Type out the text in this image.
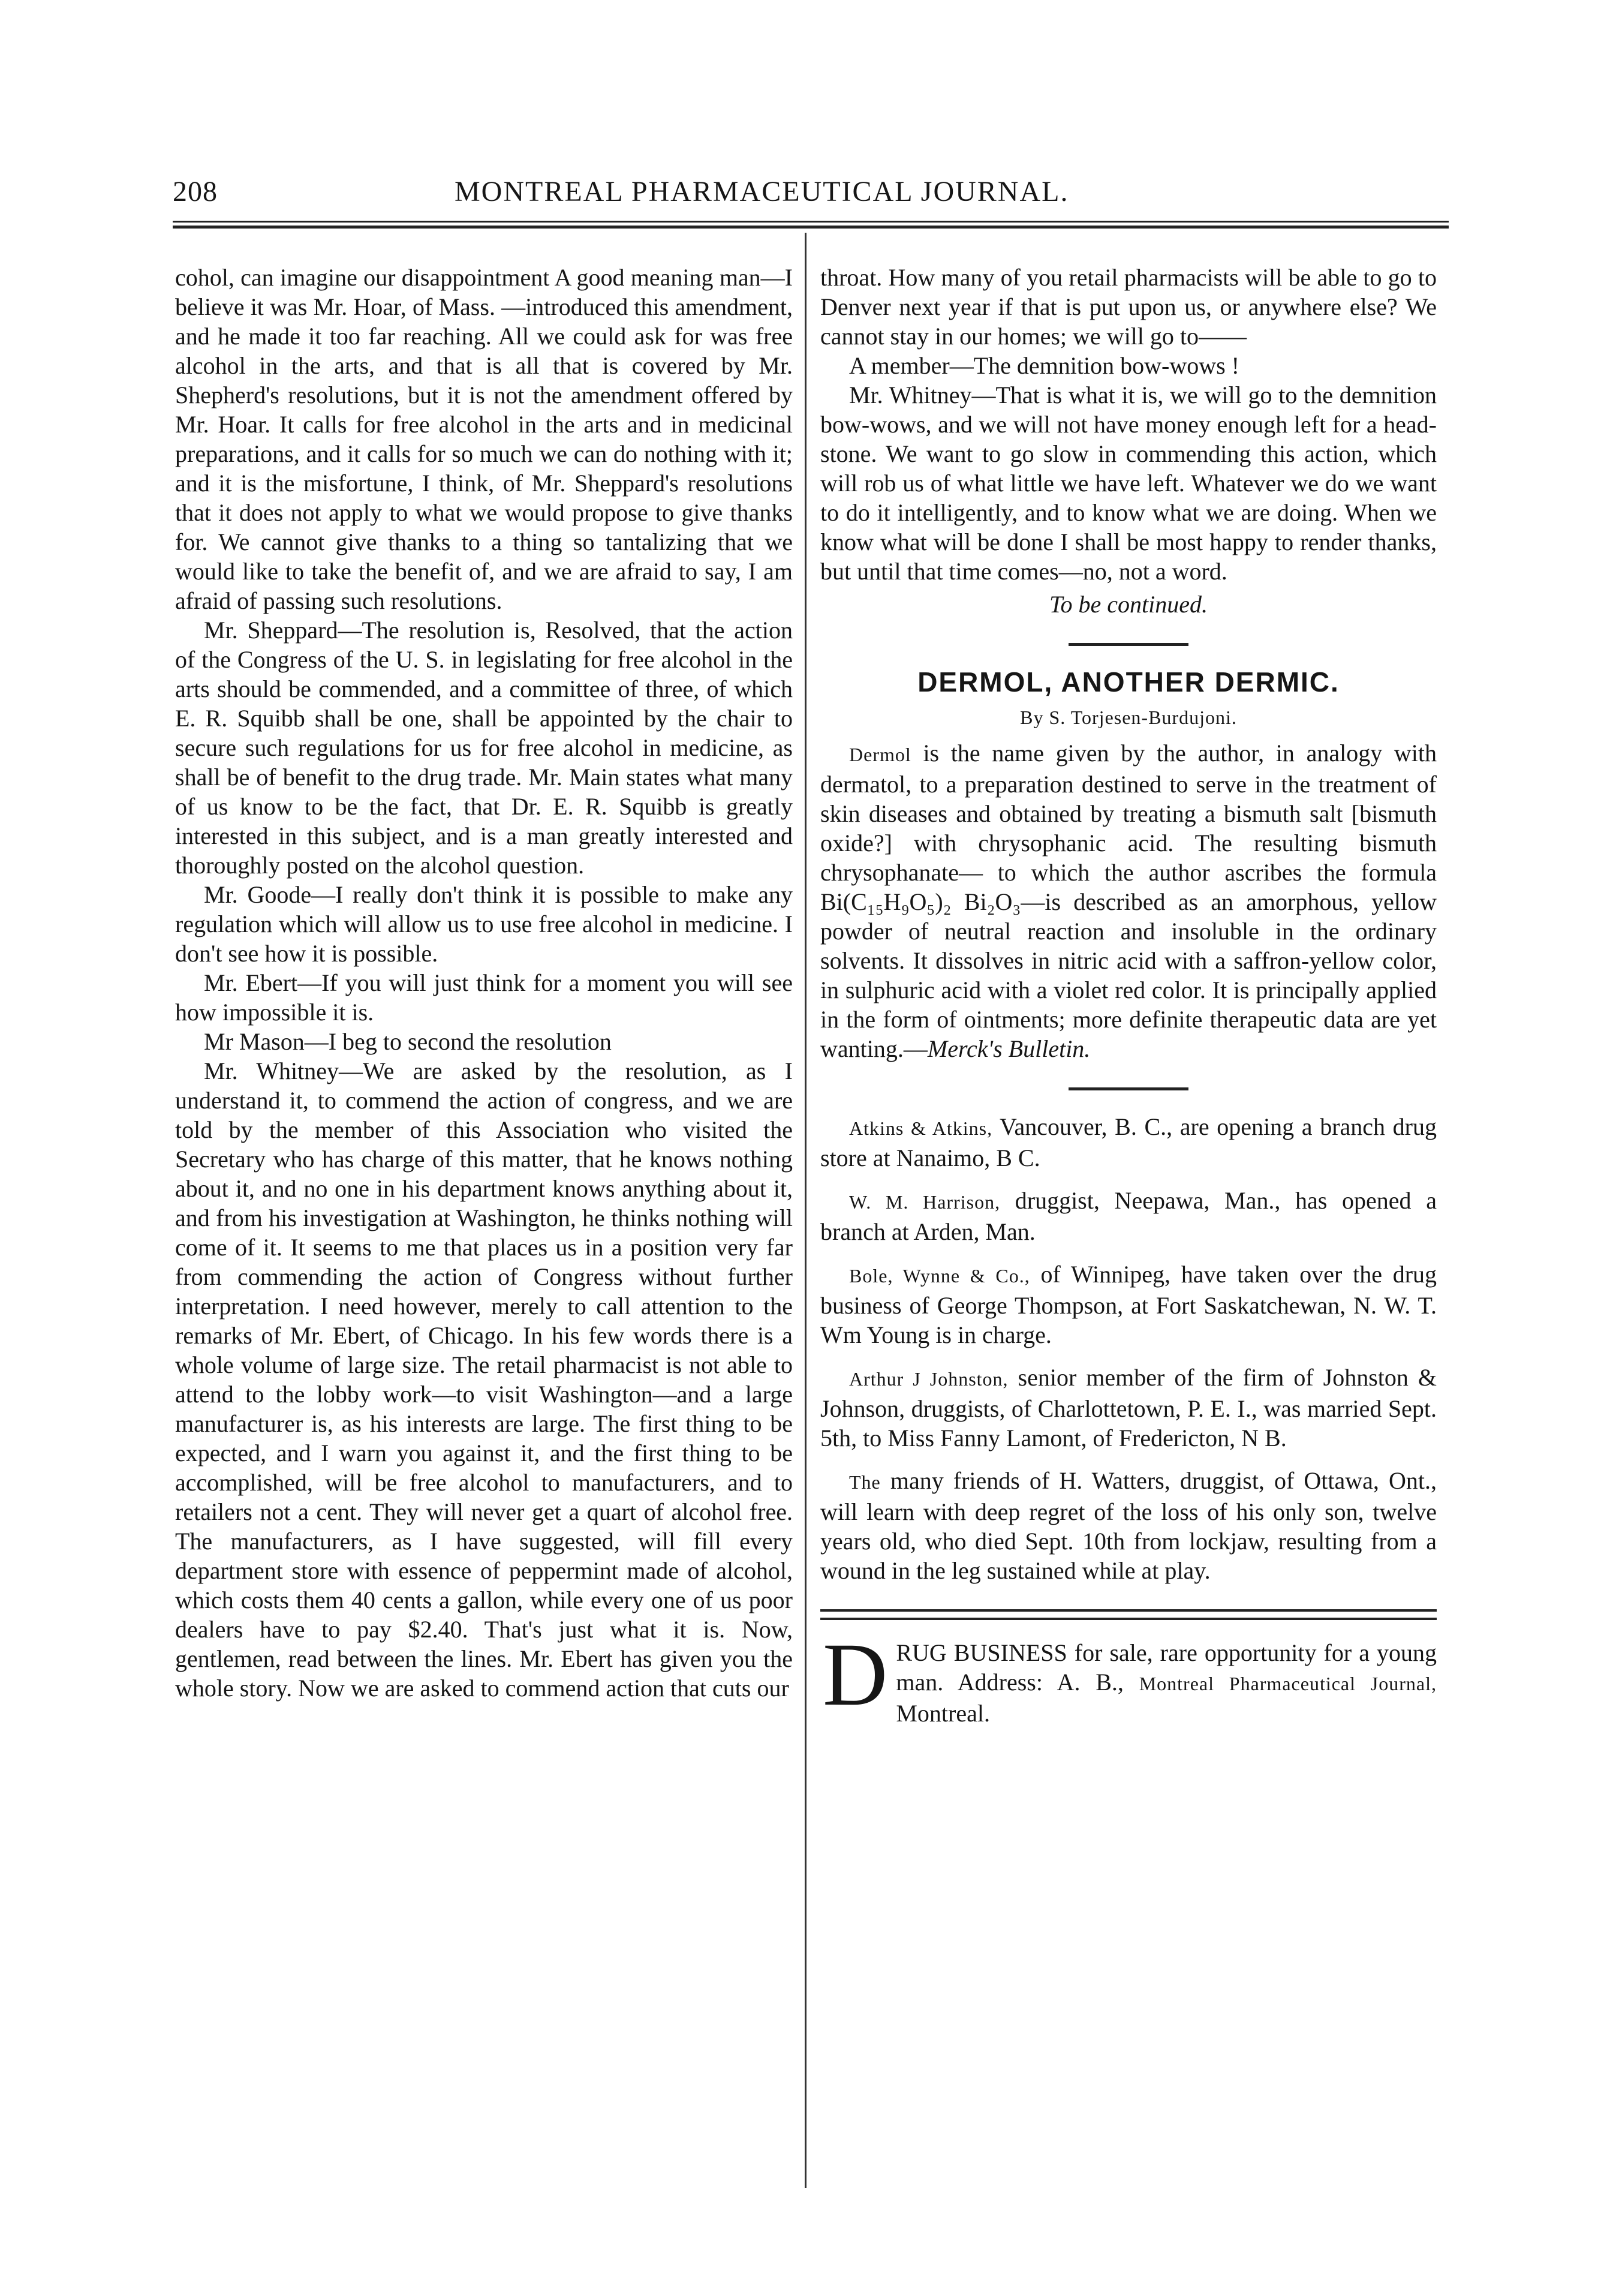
208	MONTREAL PHARMACEUTICAL JOURNAL.

cohol, can imagine our disappointment A good meaning man—I believe it was Mr. Hoar, of Mass. —introduced this amendment, and he made it too far reaching. All we could ask for was free alcohol in the arts, and that is all that is covered by Mr. Shepherd's resolutions, but it is not the amendment offered by Mr. Hoar. It calls for free alcohol in the arts and in medicinal preparations, and it calls for so much we can do nothing with it; and it is the misfortune, I think, of Mr. Sheppard's resolutions that it does not apply to what we would propose to give thanks for. We cannot give thanks to a thing so tantalizing that we would like to take the benefit of, and we are afraid to say, I am afraid of passing such resolutions.

Mr. Sheppard—The resolution is, Resolved, that the action of the Congress of the U. S. in legislating for free alcohol in the arts should be commended, and a committee of three, of which E. R. Squibb shall be one, shall be appointed by the chair to secure such regulations for us for free alcohol in medicine, as shall be of benefit to the drug trade. Mr. Main states what many of us know to be the fact, that Dr. E. R. Squibb is greatly interested in this subject, and is a man greatly interested and thoroughly posted on the alcohol question.

Mr. Goode—I really don't think it is possible to make any regulation which will allow us to use free alcohol in medicine. I don't see how it is possible.

Mr. Ebert—If you will just think for a moment you will see how impossible it is.

Mr Mason—I beg to second the resolution

Mr. Whitney—We are asked by the resolution, as I understand it, to commend the action of congress, and we are told by the member of this Association who visited the Secretary who has charge of this matter, that he knows nothing about it, and no one in his department knows anything about it, and from his investigation at Washington, he thinks nothing will come of it. It seems to me that places us in a position very far from commending the action of Congress without further interpretation. I need however, merely to call attention to the remarks of Mr. Ebert, of Chicago. In his few words there is a whole volume of large size. The retail pharmacist is not able to attend to the lobby work—to visit Washington—and a large manufacturer is, as his interests are large. The first thing to be expected, and I warn you against it, and the first thing to be accomplished, will be free alcohol to manufacturers, and to retailers not a cent. They will never get a quart of alcohol free. The manufacturers, as I have suggested, will fill every department store with essence of peppermint made of alcohol, which costs them 40 cents a gallon, while every one of us poor dealers have to pay $2.40. That's just what it is. Now, gentlemen, read between the lines. Mr. Ebert has given you the whole story. Now we are asked to commend action that cuts our

throat. How many of you retail pharmacists will be able to go to Denver next year if that is put upon us, or anywhere else? We cannot stay in our homes; we will go to——

A member—The demnition bow-wows !

Mr. Whitney—That is what it is, we will go to the demnition bow-wows, and we will not have money enough left for a head-stone. We want to go slow in commending this action, which will rob us of what little we have left. Whatever we do we want to do it intelligently, and to know what we are doing. When we know what will be done I shall be most happy to render thanks, but until that time comes—no, not a word.

To be continued.

DERMOL, ANOTHER DERMIC.

By S. Torjesen-Burdujoni.

Dermol is the name given by the author, in analogy with dermatol, to a preparation destined to serve in the treatment of skin diseases and obtained by treating a bismuth salt [bismuth oxide?] with chrysophanic acid. The resulting bismuth chrysophanate— to which the author ascribes the formula Bi(C₁₅H₉O₅)₂ Bi₂O₃—is described as an amorphous, yellow powder of neutral reaction and insoluble in the ordinary solvents. It dissolves in nitric acid with a saffron-yellow color, in sulphuric acid with a violet red color. It is principally applied in the form of ointments; more definite therapeutic data are yet wanting.—Merck's Bulletin.

Atkins & Atkins, Vancouver, B. C., are opening a branch drug store at Nanaimo, B C.

W. M. Harrison, druggist, Neepawa, Man., has opened a branch at Arden, Man.

Bole, Wynne & Co., of Winnipeg, have taken over the drug business of George Thompson, at Fort Saskatchewan, N. W. T. Wm Young is in charge.

Arthur J Johnston, senior member of the firm of Johnston & Johnson, druggists, of Charlottetown, P. E. I., was married Sept. 5th, to Miss Fanny Lamont, of Fredericton, N B.

The many friends of H. Watters, druggist, of Ottawa, Ont., will learn with deep regret of the loss of his only son, twelve years old, who died Sept. 10th from lockjaw, resulting from a wound in the leg sustained while at play.

D RUG BUSINESS for sale, rare opportunity for a young man. Address: A. B., Montreal Pharmaceutical Journal, Montreal.
